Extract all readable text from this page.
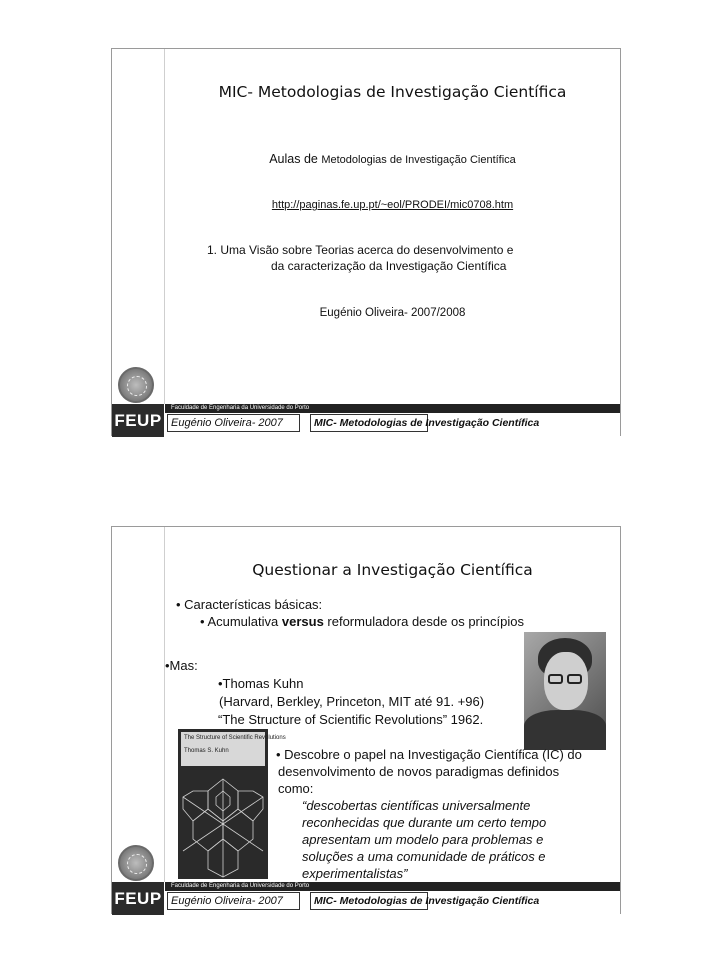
MIC- Metodologias de Investigação Científica
Aulas de Metodologias de Investigação Científica
http://paginas.fe.up.pt/~eol/PRODEI/mic0708.htm
1. Uma Visão sobre Teorias acerca do desenvolvimento e
da caracterização da Investigação Científica
Eugénio Oliveira- 2007/2008
Faculdade de Engenharia da Universidade do Porto
FEUP Eugénio Oliveira- 2007	MIC- Metodologias de Investigação Científica
Questionar a Investigação Científica
• Características básicas:
• Acumulativa versus reformuladora desde os princípios
•Mas:
•Thomas Kuhn
(Harvard, Berkley, Princeton, MIT até 91. +96)
“The Structure of Scientific Revolutions” 1962.
The Structure of Scientific Revolutions
Thomas S. Kuhn	• Descobre o papel na Investigação Científica (IC) do
desenvolvimento de novos paradigmas definidos
como:
“descobertas científicas universalmente
reconhecidas que durante um certo tempo
apresentam um modelo para problemas e
soluções a uma comunidade de práticos e
experimentalistas”
Faculdade de Engenharia da Universidade do Porto
FEUP Eugénio Oliveira- 2007	MIC- Metodologias de Investigação Científica
